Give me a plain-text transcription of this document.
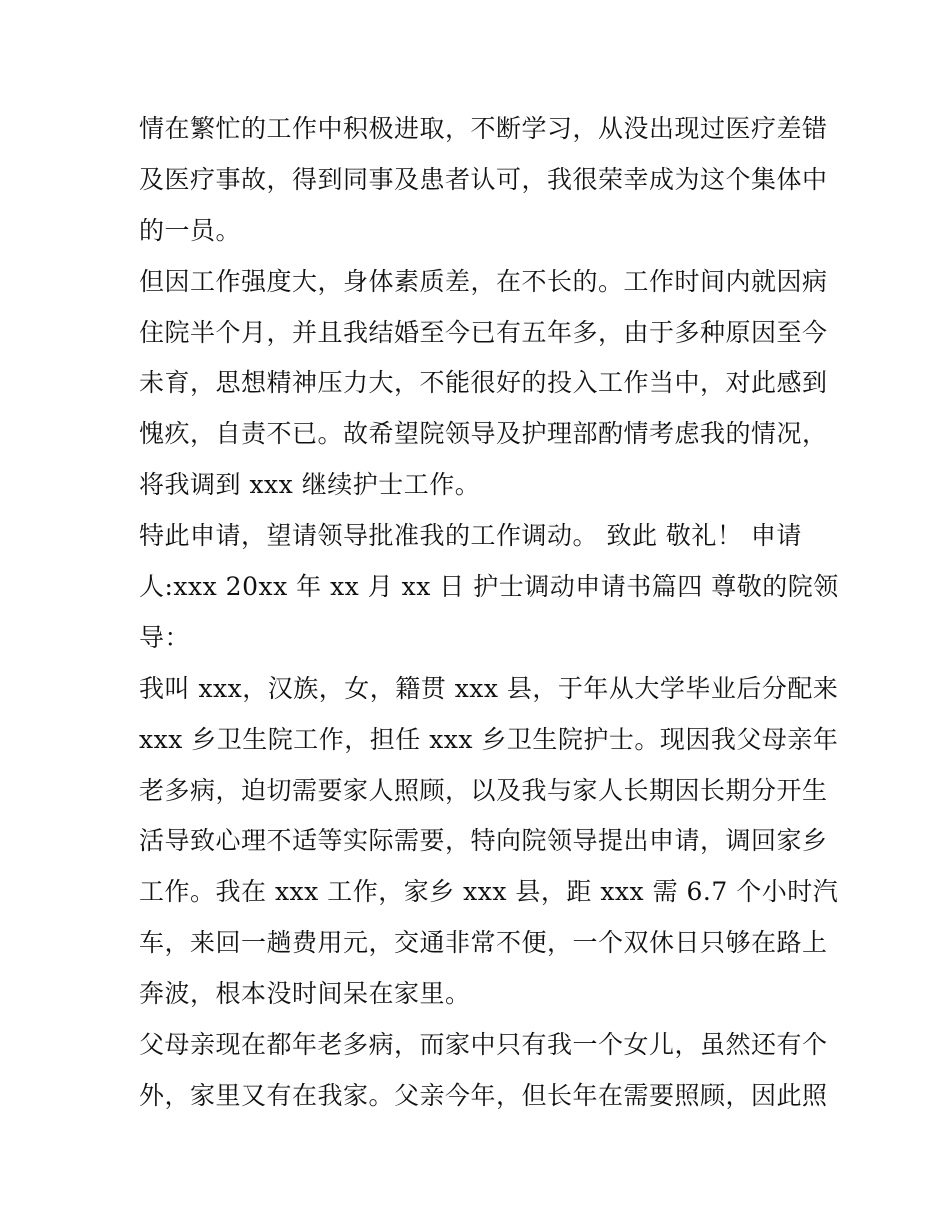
情在繁忙的工作中积极进取，不断学习，从没出现过医疗差错
及医疗事故，得到同事及患者认可，我很荣幸成为这个集体中
的一员。
但因工作强度大，身体素质差，在不长的。工作时间内就因病
住院半个月，并且我结婚至今已有五年多，由于多种原因至今
未育，思想精神压力大，不能很好的投入工作当中，对此感到
愧疚，自责不已。故希望院领导及护理部酌情考虑我的情况，
将我调到 xxx 继续护士工作。
特此申请，望请领导批准我的工作调动。 致此 敬礼！ 申请
人:xxx 20xx 年 xx 月 xx 日 护士调动申请书篇四 尊敬的院领
导：
我叫 xxx，汉族，女，籍贯 xxx 县，于年从大学毕业后分配来
xxx 乡卫生院工作，担任 xxx 乡卫生院护士。现因我父母亲年
老多病，迫切需要家人照顾，以及我与家人长期因长期分开生
活导致心理不适等实际需要，特向院领导提出申请，调回家乡
工作。我在 xxx 工作，家乡 xxx 县，距 xxx 需 6.7 个小时汽
车，来回一趟费用元，交通非常不便，一个双休日只够在路上
奔波，根本没时间呆在家里。
父母亲现在都年老多病，而家中只有我一个女儿，虽然还有个
外，家里又有在我家。父亲今年，但长年在需要照顾，因此照
